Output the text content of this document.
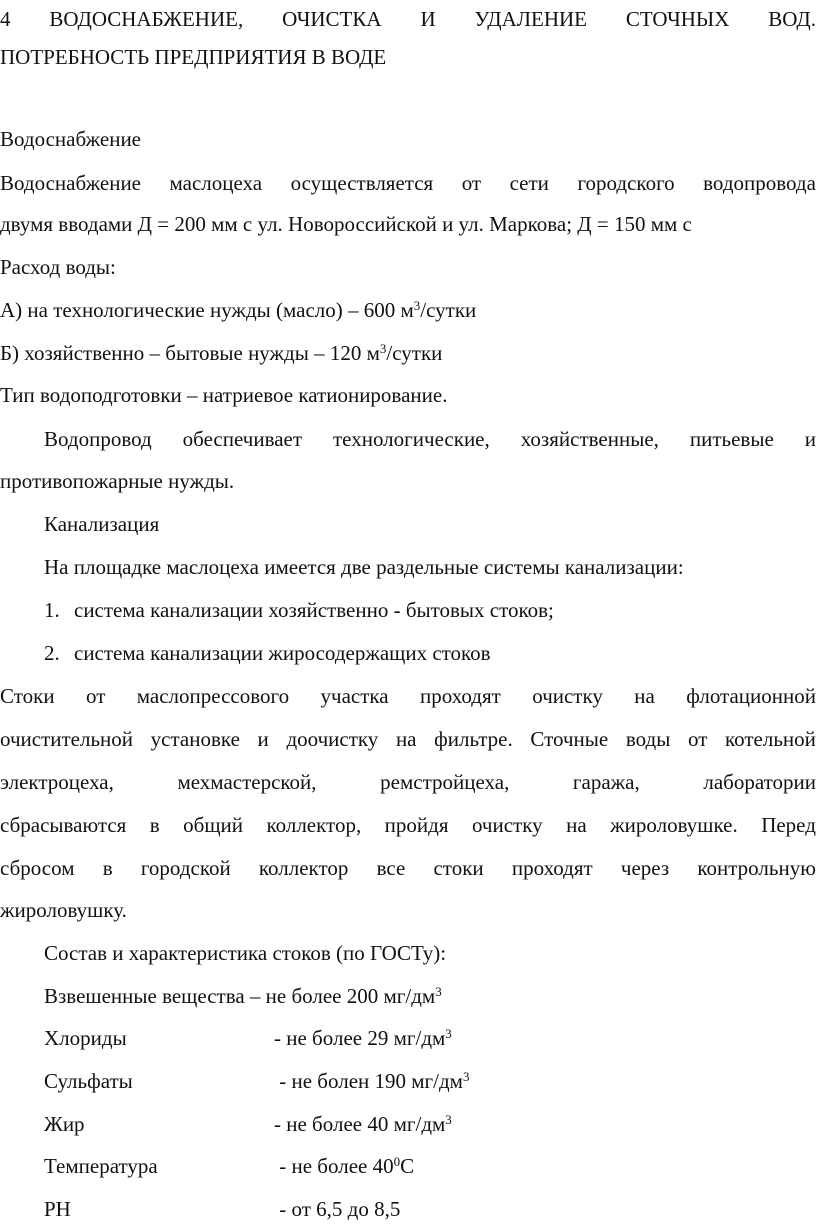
4 ВОДОСНАБЖЕНИЕ, ОЧИСТКА И УДАЛЕНИЕ СТОЧНЫХ ВОД.
ПОТРЕБНОСТЬ ПРЕДПРИЯТИЯ В ВОДЕ
Водоснабжение
Водоснабжение маслоцеха осуществляется от сети городского водопровода
двумя вводами Д = 200 мм с ул. Новороссийской и ул. Маркова; Д = 150 мм с
Расход воды:
А) на технологические нужды (масло) – 600 $м^3$/сутки
Б) хозяйственно – бытовые нужды – 120 $м^3$/сутки
Тип водоподготовки – натриевое катионирование.
Водопровод обеспечивает технологические, хозяйственные, питьевые и
противопожарные нужды.
Канализация
На площадке маслоцеха имеется две раздельные системы канализации:
1. система канализации хозяйственно - бытовых стоков;
2. система канализации жиросодержащих стоков
Стоки от маслопрессового участка проходят очистку на флотационной
очистительной установке и доочистку на фильтре. Сточные воды от котельной
электроцеха,	мехмастерской,	ремстройцеха,	гаража,	лаборатории
сбрасываются в общий коллектор, пройдя очистку на жироловушке. Перед
сбросом в городской коллектор все стоки проходят через контрольную
жироловушку.
Состав и характеристика стоков (по ГОСТу):
Взвешенные вещества – не более 200 $мг/дм^3$
Хлориды	- не более 29 $мг/дм^3$
Сульфаты	- не болен 190 $мг/дм^3$
Жир	- не более 40 $мг/дм^3$
Температура	- не более $40^0С$
РН	- от 6,5 до 8,5
